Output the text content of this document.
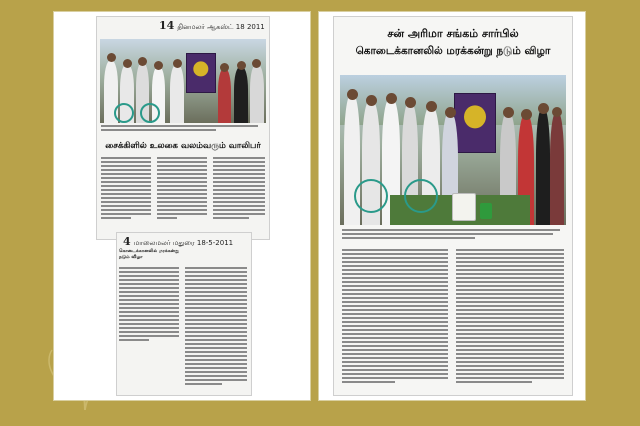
14 தினமலர் ஆகஸ்ட் 18 2011
சைக்கிளில் உலகை வலம்வரும் வாலிபர்
4 மாலைமலர் மதுரை 18-5-2011
கொடைக்கானலில் மரக்கன்று நடும் விழா
சன் அரிமா சங்கம் சார்பில்
கொடைக்கானலில் மரக்கன்று நடும் விழா
